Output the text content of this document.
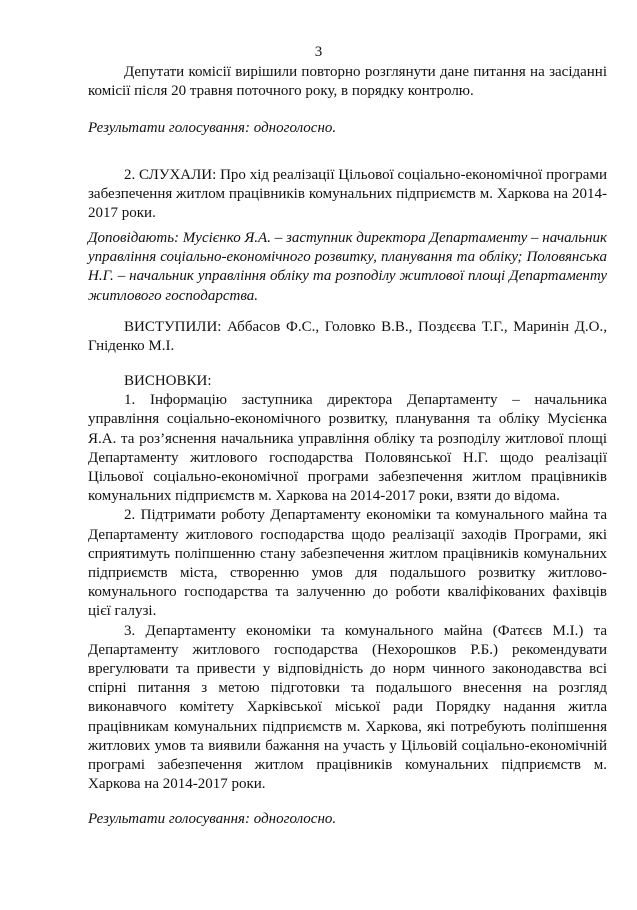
3

Депутати комісії вирішили повторно розглянути дане питання на засіданні комісії після 20 травня поточного року, в порядку контролю.

Результати голосування: одноголосно.

2. СЛУХАЛИ: Про хід реалізації Цільової соціально-економічної програми забезпечення житлом працівників комунальних підприємств м. Харкова на 2014-2017 роки.

Доповідають: Мусієнко Я.А. – заступник директора Департаменту – начальник управління соціально-економічного розвитку, планування та обліку; Половянська Н.Г. – начальник управління обліку та розподілу житлової площі Департаменту житлового господарства.

ВИСТУПИЛИ: Аббасов Ф.С., Головко В.В., Поздєєва Т.Г., Маринін Д.О., Гніденко М.І.

ВИСНОВКИ:

1. Інформацію заступника директора Департаменту – начальника управління соціально-економічного розвитку, планування та обліку Мусієнка Я.А. та роз’яснення начальника управління обліку та розподілу житлової площі Департаменту житлового господарства Половянської Н.Г. щодо реалізації Цільової соціально-економічної програми забезпечення житлом працівників комунальних підприємств м. Харкова на 2014-2017 роки, взяти до відома.

2. Підтримати роботу Департаменту економіки та комунального майна та Департаменту житлового господарства щодо реалізації заходів Програми, які сприятимуть поліпшенню стану забезпечення житлом працівників комунальних підприємств міста, створенню умов для подальшого розвитку житлово-комунального господарства та залученню до роботи кваліфікованих фахівців цієї галузі.

3. Департаменту економіки та комунального майна (Фатєєв М.І.) та Департаменту житлового господарства (Нехорошков Р.Б.) рекомендувати врегулювати та привести у відповідність до норм чинного законодавства всі спірні питання з метою підготовки та подальшого внесення на розгляд виконавчого комітету Харківської міської ради Порядку надання житла працівникам комунальних підприємств м. Харкова, які потребують поліпшення житлових умов та виявили бажання на участь у Цільовій соціально-економічній програмі забезпечення житлом працівників комунальних підприємств м. Харкова на 2014-2017 роки.

Результати голосування: одноголосно.
